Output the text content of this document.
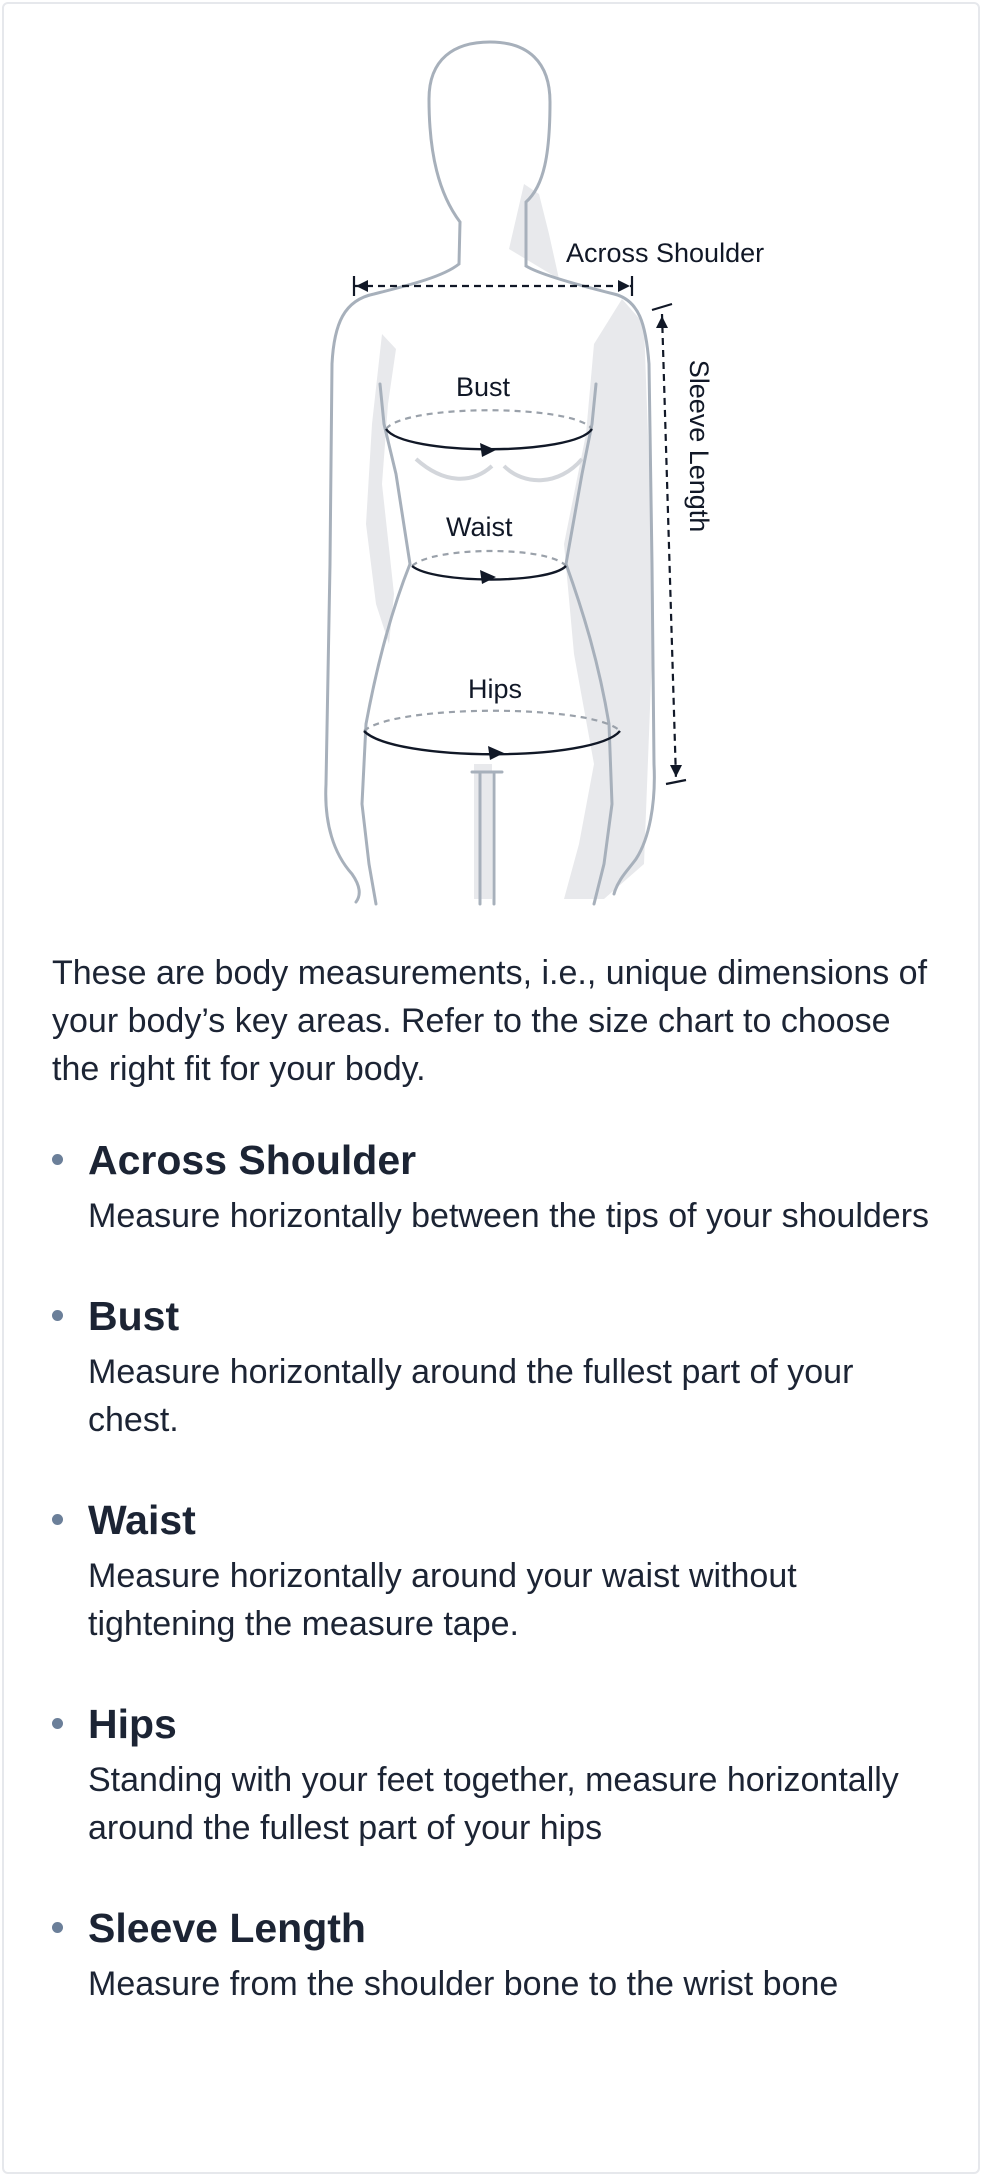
Across Shoulder
Bust
Waist
Hips
Sleeve Length

These are body measurements, i.e., unique dimensions of your body’s key areas. Refer to the size chart to choose the right fit for your body.

Across Shoulder

Measure horizontally between the tips of your shoulders

Bust

Measure horizontally around the fullest part of your chest.

Waist

Measure horizontally around your waist without tightening the measure tape.

Hips

Standing with your feet together, measure horizontally around the fullest part of your hips

Sleeve Length

Measure from the shoulder bone to the wrist bone
